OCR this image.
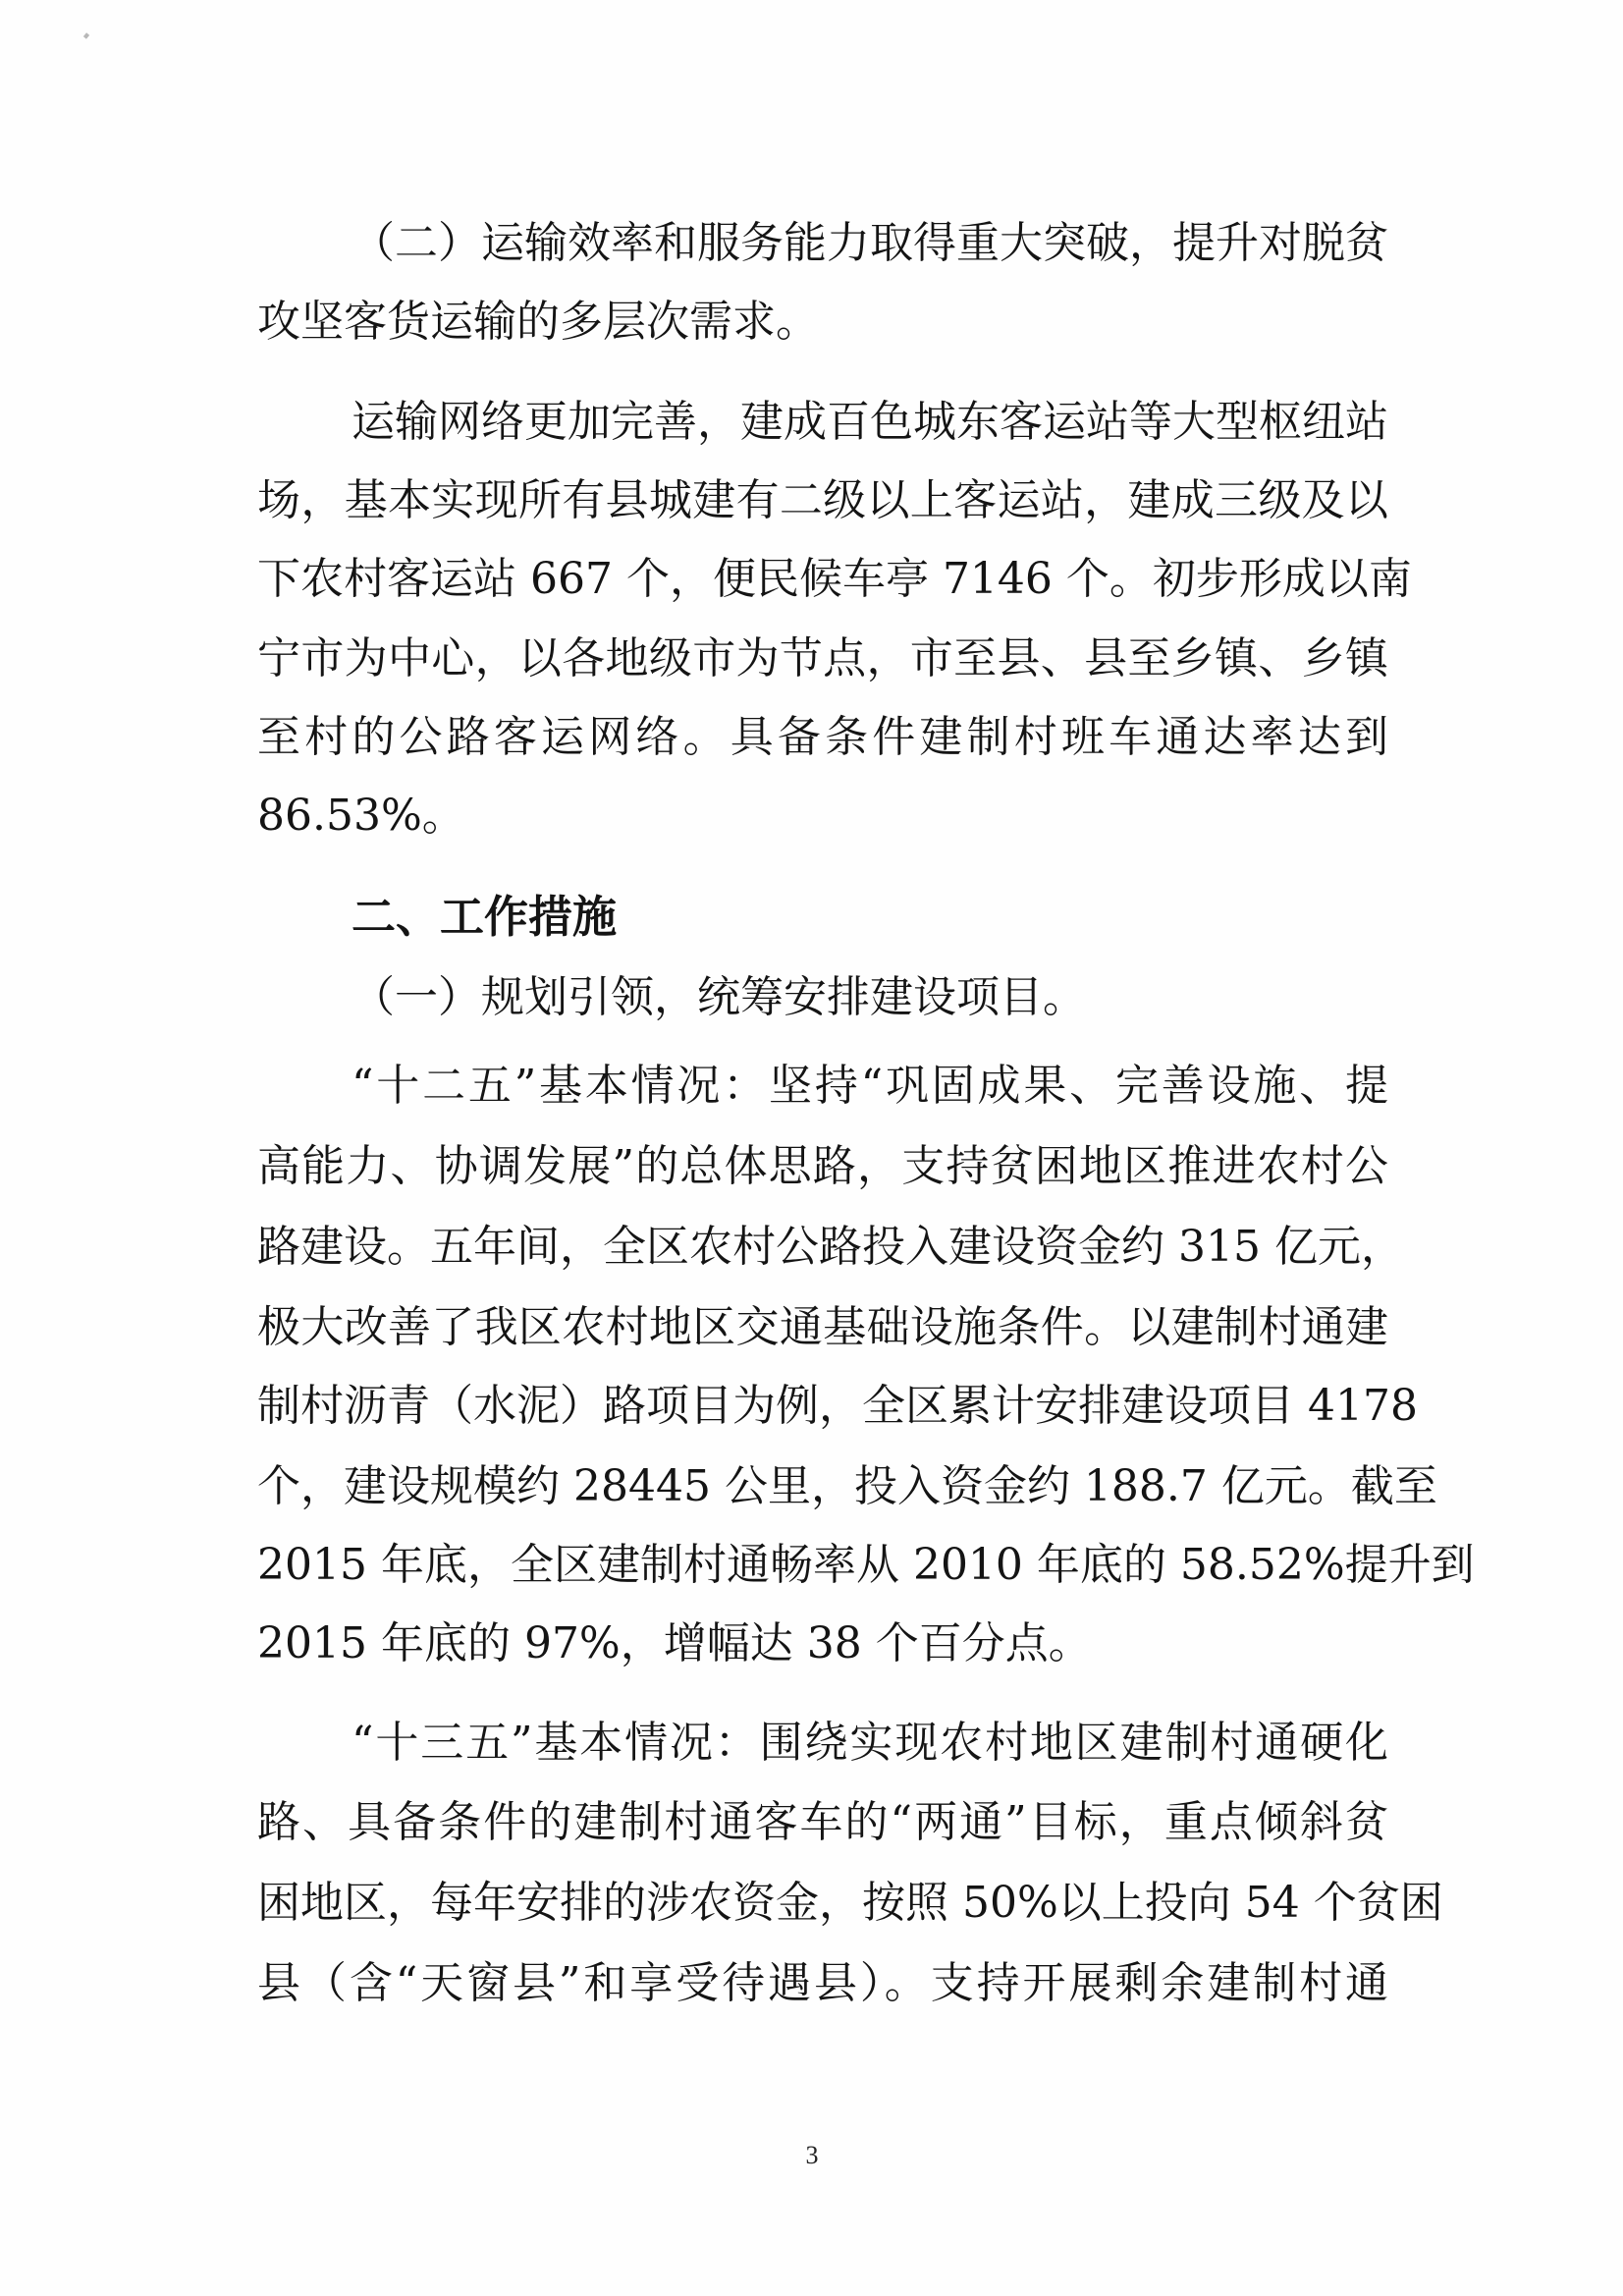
（二）运输效率和服务能力取得重大突破，提升对脱贫
攻坚客货运输的多层次需求。
运输网络更加完善，建成百色城东客运站等大型枢纽站
场，基本实现所有县城建有二级以上客运站，建成三级及以
下农村客运站 667 个，便民候车亭 7146 个。初步形成以南
宁市为中心，以各地级市为节点，市至县、县至乡镇、乡镇
至村的公路客运网络。具备条件建制村班车通达率达到
86.53%。
二、工作措施
（一）规划引领，统筹安排建设项目。
“十二五”基本情况：坚持“巩固成果、完善设施、提
高能力、协调发展”的总体思路，支持贫困地区推进农村公
路建设。五年间，全区农村公路投入建设资金约 315 亿元，
极大改善了我区农村地区交通基础设施条件。以建制村通建
制村沥青（水泥）路项目为例，全区累计安排建设项目 4178
个，建设规模约 28445 公里，投入资金约 188.7 亿元。截至
2015 年底，全区建制村通畅率从 2010 年底的 58.52%提升到
2015 年底的 97%，增幅达 38 个百分点。
“十三五”基本情况：围绕实现农村地区建制村通硬化
路、具备条件的建制村通客车的“两通”目标，重点倾斜贫
困地区，每年安排的涉农资金，按照 50%以上投向 54 个贫困
县（含“天窗县”和享受待遇县）。支持开展剩余建制村通
3
